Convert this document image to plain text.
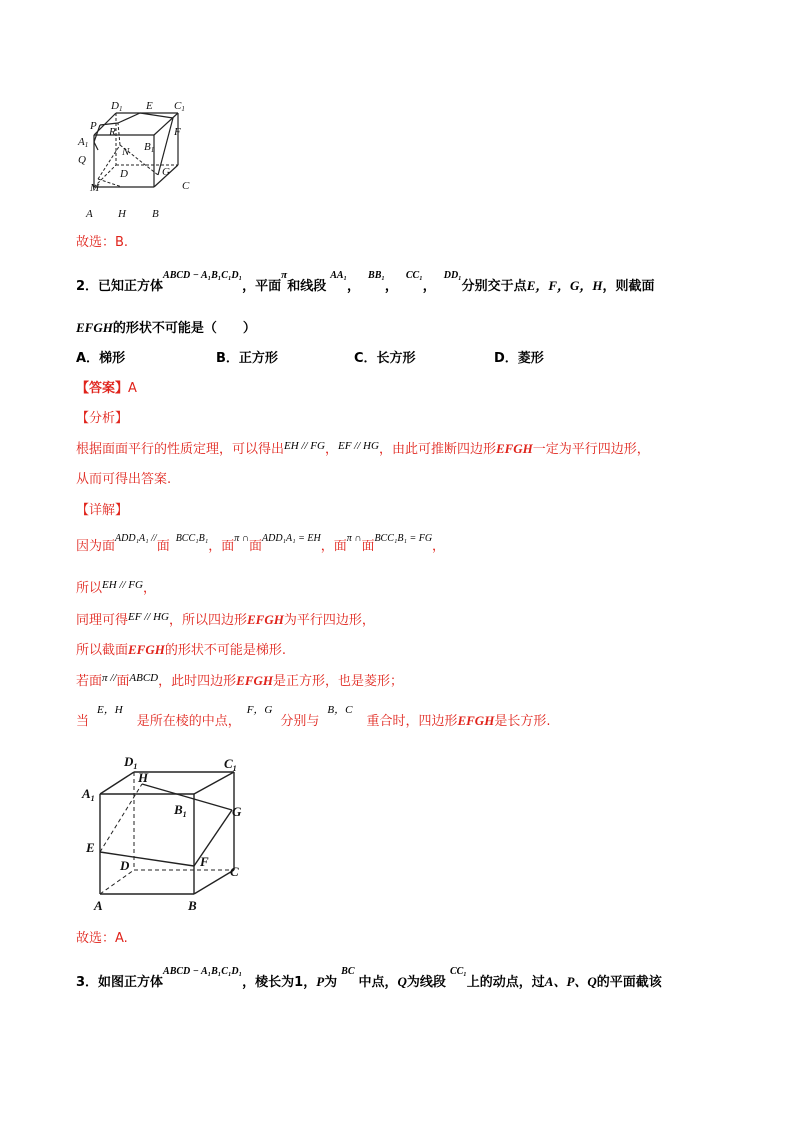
D1 E C1
P R
A1
F
N B1
Q
D	G
M	C
A H B
故选：B.
2．已知正方体$^{ABCD - A_1B_1C_1D_1}$，平面$^\pi$和线段$^{AA_1}$，$^{BB_1}$，$^{CC_1}$，$^{DD_1}$分别交于点E，F，G，H，则截面
EFGH的形状不可能是（　　）
A．梯形	B．正方形	C．长方形	D．菱形
【答案】A
【分析】
根据面面平行的性质定理，可以得出$^{EH // FG}$，$^{EF // HG}$，由此可推断四边形EFGH一定为平行四边形，
从而可得出答案.
【详解】
因为面$^{ADD_1A_1 //}$面$^{BCC_1B_1}$，面$^{\pi \cap}$面$^{ADD_1A_1 = EH}$，面$^{\pi \cap}$面$^{BCC_1B_1 = FG}$，
所以$^{EH // FG}$，
同理可得$^{EF // HG}$，所以四边形EFGH为平行四边形，
所以截面EFGH的形状不可能是梯形.
若面$^{\pi //}$面$^{ABCD}$，此时四边形EFGH是正方形，也是菱形；
当$^{E,H}$是所在棱的中点，$^{F,G}$分别与$^{B,C}$重合时，四边形EFGH是长方形.
$D_1$
H
$C_1$
$A_1$
$B_1$	G
E
D	F
C
A	B
故选：A.
3．如图正方体$^{ABCD - A_1B_1C_1D_1}$，棱长为1，P为$^{BC}$中点，Q为线段$^{CC_1}$上的动点，过A、P、Q的平面截该
